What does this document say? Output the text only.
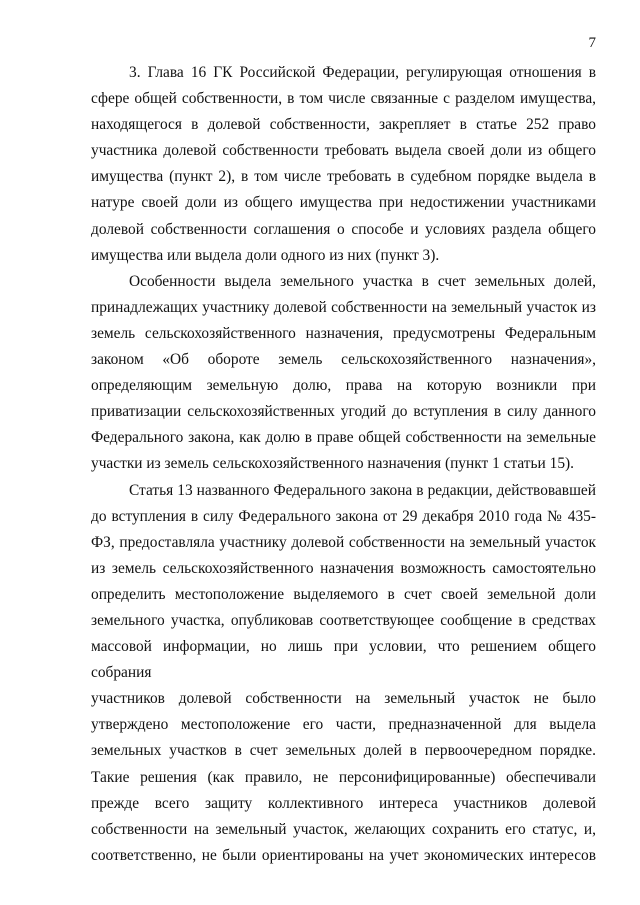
7
3. Глава 16 ГК Российской Федерации, регулирующая отношения в
сфере общей собственности, в том числе связанные с разделом имущества,
находящегося в долевой собственности, закрепляет в статье 252 право
участника долевой собственности требовать выдела своей доли из общего
имущества (пункт 2), в том числе требовать в судебном порядке выдела в
натуре своей доли из общего имущества при недостижении участниками
долевой собственности соглашения о способе и условиях раздела общего
имущества или выдела доли одного из них (пункт 3).
Особенности выдела земельного участка в счет земельных долей,
принадлежащих участнику долевой собственности на земельный участок из
земель сельскохозяйственного назначения, предусмотрены Федеральным
законом «Об обороте земель сельскохозяйственного назначения»,
определяющим земельную долю, права на которую возникли при
приватизации сельскохозяйственных угодий до вступления в силу данного
Федерального закона, как долю в праве общей собственности на земельные
участки из земель сельскохозяйственного назначения (пункт 1 статьи 15).
Статья 13 названного Федерального закона в редакции, действовавшей
до вступления в силу Федерального закона от 29 декабря 2010 года № 435-
ФЗ, предоставляла участнику долевой собственности на земельный участок
из земель сельскохозяйственного назначения возможность самостоятельно
определить местоположение выделяемого в счет своей земельной доли
земельного участка, опубликовав соответствующее сообщение в средствах
массовой информации, но лишь при условии, что решением общего собрания
участников долевой собственности на земельный участок не было
утверждено местоположение его части, предназначенной для выдела
земельных участков в счет земельных долей в первоочередном порядке.
Такие решения (как правило, не персонифицированные) обеспечивали
прежде всего защиту коллективного интереса участников долевой
собственности на земельный участок, желающих сохранить его статус, и,
соответственно, не были ориентированы на учет экономических интересов
